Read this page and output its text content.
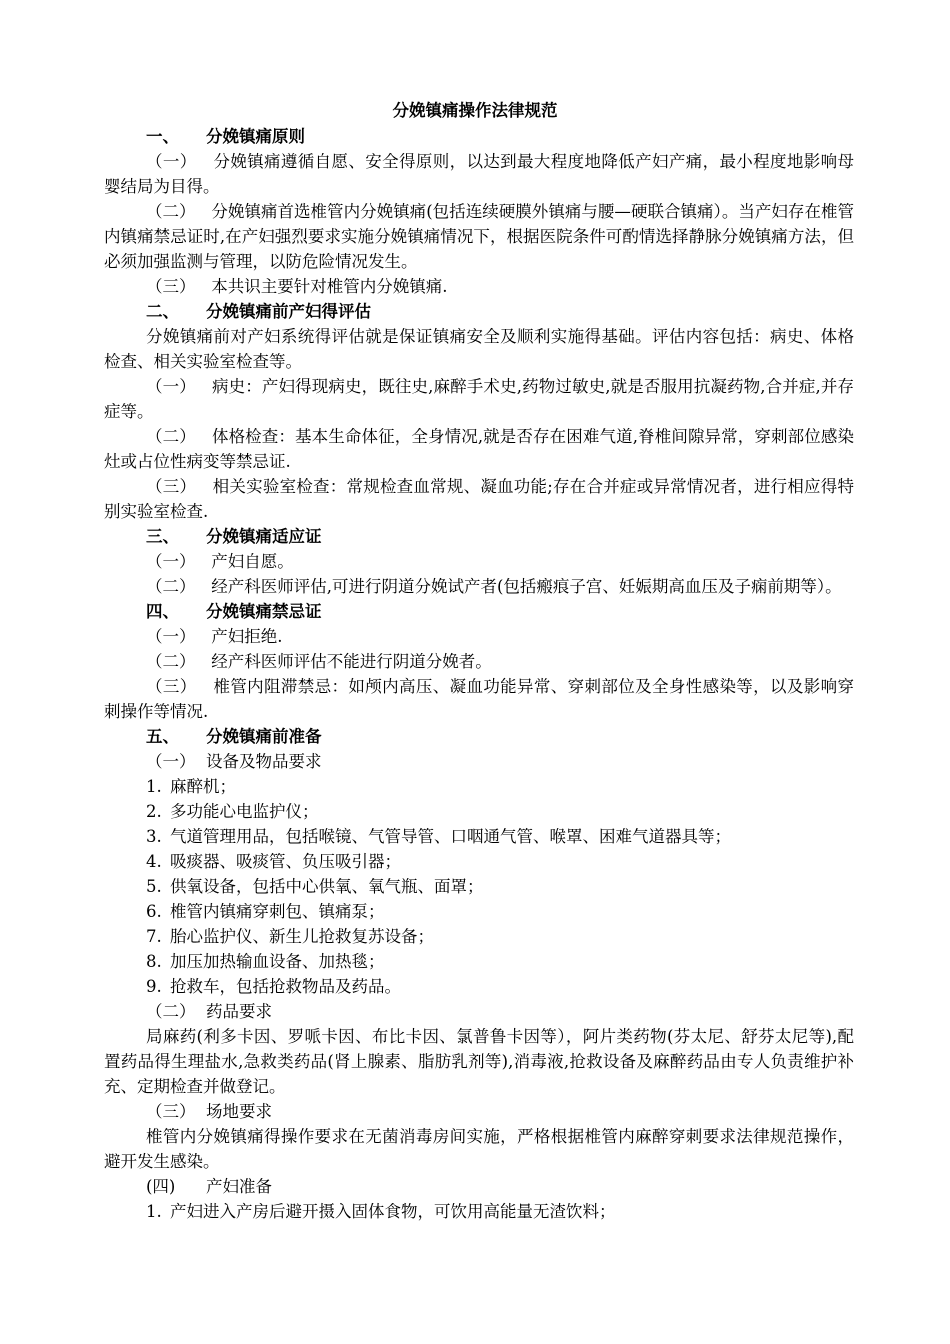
分娩镇痛操作法律规范

一、 分娩镇痛原则

（一） 分娩镇痛遵循自愿、安全得原则，以达到最大程度地降低产妇产痛，最小程度地影响母婴结局为目得。

（二） 分娩镇痛首选椎管内分娩镇痛(包括连续硬膜外镇痛与腰—硬联合镇痛）。当产妇存在椎管内镇痛禁忌证时,在产妇强烈要求实施分娩镇痛情况下，根据医院条件可酌情选择静脉分娩镇痛方法，但必须加强监测与管理，以防危险情况发生。

（三） 本共识主要针对椎管内分娩镇痛.

二、 分娩镇痛前产妇得评估

分娩镇痛前对产妇系统得评估就是保证镇痛安全及顺利实施得基础。评估内容包括：病史、体格检查、相关实验室检查等。

（一） 病史：产妇得现病史，既往史,麻醉手术史,药物过敏史,就是否服用抗凝药物,合并症,并存症等。

（二） 体格检查：基本生命体征，全身情况,就是否存在困难气道,脊椎间隙异常，穿刺部位感染灶或占位性病变等禁忌证.

（三） 相关实验室检查：常规检查血常规、凝血功能;存在合并症或异常情况者，进行相应得特别实验室检查.

三、 分娩镇痛适应证

（一） 产妇自愿。

（二） 经产科医师评估,可进行阴道分娩试产者(包括瘢痕子宫、妊娠期高血压及子痫前期等）。

四、 分娩镇痛禁忌证

（一） 产妇拒绝.

（二） 经产科医师评估不能进行阴道分娩者。

（三） 椎管内阻滞禁忌：如颅内高压、凝血功能异常、穿刺部位及全身性感染等，以及影响穿刺操作等情况.

五、 分娩镇痛前准备

（一） 设备及物品要求

1. 麻醉机；

2. 多功能心电监护仪；

3. 气道管理用品，包括喉镜、气管导管、口咽通气管、喉罩、困难气道器具等；

4. 吸痰器、吸痰管、负压吸引器；

5. 供氧设备，包括中心供氧、氧气瓶、面罩；

6. 椎管内镇痛穿刺包、镇痛泵；

7. 胎心监护仪、新生儿抢救复苏设备；

8. 加压加热输血设备、加热毯；

9. 抢救车，包括抢救物品及药品。

（二） 药品要求

局麻药(利多卡因、罗哌卡因、布比卡因、氯普鲁卡因等），阿片类药物(芬太尼、舒芬太尼等),配置药品得生理盐水,急救类药品(肾上腺素、脂肪乳剂等),消毒液,抢救设备及麻醉药品由专人负责维护补充、定期检查并做登记。

（三） 场地要求

椎管内分娩镇痛得操作要求在无菌消毒房间实施，严格根据椎管内麻醉穿刺要求法律规范操作，避开发生感染。

(四) 产妇准备

1. 产妇进入产房后避开摄入固体食物，可饮用高能量无渣饮料；
